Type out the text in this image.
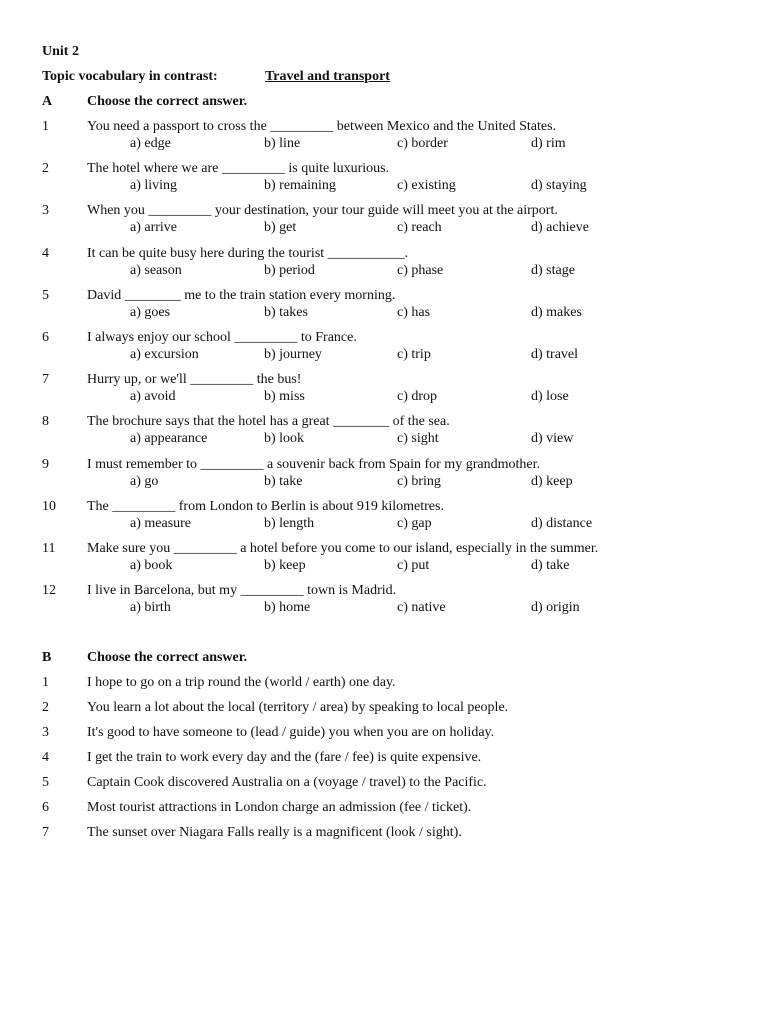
Unit 2
Topic vocabulary in contrast:	Travel and transport
A Choose the correct answer.
1	You need a passport to cross the _________ between Mexico and the United States.
a) edge	b) line	c) border	d) rim
2	The hotel where we are _________ is quite luxurious.
a) living	b) remaining	c) existing	d) staying
3	When you _________ your destination, your tour guide will meet you at the airport.
a) arrive	b) get	c) reach	d) achieve
4	It can be quite busy here during the tourist ___________.
a) season	b) period	c) phase	d) stage
5	David ________ me to the train station every morning.
a) goes	b) takes	c) has	d) makes
6	I always enjoy our school _________ to France.
a) excursion	b) journey	c) trip	d) travel
7	Hurry up, or we'll _________ the bus!
a) avoid	b) miss	c) drop	d) lose
8	The brochure says that the hotel has a great ________ of the sea.
a) appearance	b) look	c) sight	d) view
9	I must remember to _________ a souvenir back from Spain for my grandmother.
a) go	b) take	c) bring	d) keep
10 The _________ from London to Berlin is about 919 kilometres.
a) measure	b) length	c) gap	d) distance
11 Make sure you _________ a hotel before you come to our island, especially in the summer.
a) book	b) keep	c) put	d) take
12 I live in Barcelona, but my _________ town is Madrid.
a) birth	b) home	c) native	d) origin
B	Choose the correct answer.
1	I hope to go on a trip round the (world / earth) one day.
2	You learn a lot about the local (territory / area) by speaking to local people.
3	It's good to have someone to (lead / guide) you when you are on holiday.
4	I get the train to work every day and the (fare / fee) is quite expensive.
5	Captain Cook discovered Australia on a (voyage / travel) to the Pacific.
6	Most tourist attractions in London charge an admission (fee / ticket).
7	The sunset over Niagara Falls really is a magnificent (look / sight).
